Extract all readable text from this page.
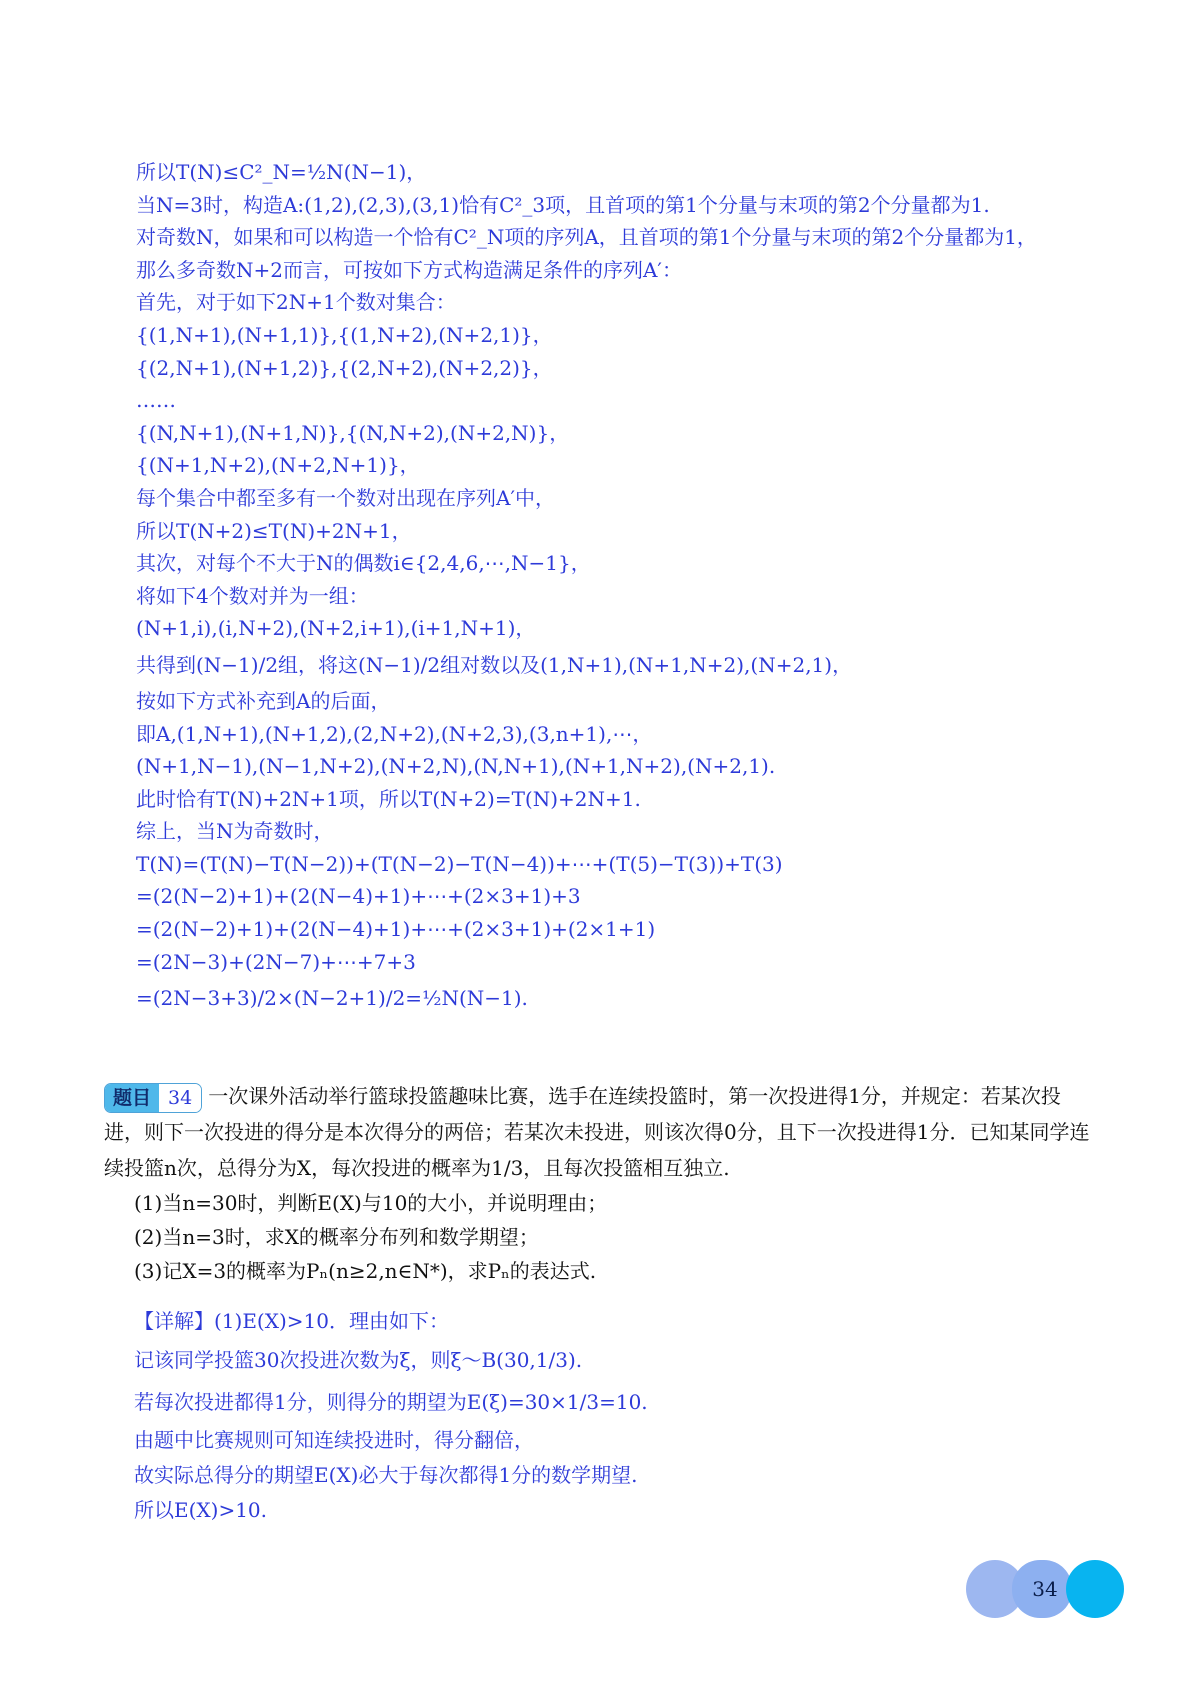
所以T(N)≤C²_N=½N(N−1)，
当N=3时，构造A:(1,2),(2,3),(3,1)恰有C²_3项，且首项的第1个分量与末项的第2个分量都为1.
对奇数N，如果和可以构造一个恰有C²_N项的序列A，且首项的第1个分量与末项的第2个分量都为1，
那么多奇数N+2而言，可按如下方式构造满足条件的序列A′：
首先，对于如下2N+1个数对集合：
{(1,N+1),(N+1,1)},{(1,N+2),(N+2,1)}，
{(2,N+1),(N+1,2)},{(2,N+2),(N+2,2)}，
……
{(N,N+1),(N+1,N)},{(N,N+2),(N+2,N)}，
{(N+1,N+2),(N+2,N+1)}，
每个集合中都至多有一个数对出现在序列A′中，
所以T(N+2)≤T(N)+2N+1，
其次，对每个不大于N的偶数i∈{2,4,6,⋯,N−1}，
将如下4个数对并为一组：
(N+1,i),(i,N+2),(N+2,i+1),(i+1,N+1)，
共得到(N−1)/2组，将这(N−1)/2组对数以及(1,N+1),(N+1,N+2),(N+2,1)，
按如下方式补充到A的后面，
即A,(1,N+1),(N+1,2),(2,N+2),(N+2,3),(3,n+1),⋯，
(N+1,N−1),(N−1,N+2),(N+2,N),(N,N+1),(N+1,N+2),(N+2,1).
此时恰有T(N)+2N+1项，所以T(N+2)=T(N)+2N+1.
综上，当N为奇数时，
T(N)=(T(N)−T(N−2))+(T(N−2)−T(N−4))+⋯+(T(5)−T(3))+T(3)
=(2(N−2)+1)+(2(N−4)+1)+⋯+(2×3+1)+3
=(2(N−2)+1)+(2(N−4)+1)+⋯+(2×3+1)+(2×1+1)
=(2N−3)+(2N−7)+⋯+7+3
=(2N−3+3)/2×(N−2+1)/2=½N(N−1).
题目 34 一次课外活动举行篮球投篮趣味比赛，选手在连续投篮时，第一次投进得1分，并规定：若某次投进，则下一次投进的得分是本次得分的两倍；若某次未投进，则该次得0分，且下一次投进得1分．已知某同学连续投篮n次，总得分为X，每次投进的概率为1/3，且每次投篮相互独立.
(1)当n=30时，判断E(X)与10的大小，并说明理由；
(2)当n=3时，求X的概率分布列和数学期望；
(3)记X=3的概率为Pₙ(n≥2,n∈N*)，求Pₙ的表达式.
【详解】(1)E(X)>10．理由如下：
记该同学投篮30次投进次数为ξ，则ξ～B(30,1/3).
若每次投进都得1分，则得分的期望为E(ξ)=30×1/3=10.
由题中比赛规则可知连续投进时，得分翻倍，
故实际总得分的期望E(X)必大于每次都得1分的数学期望.
所以E(X)>10.
34
